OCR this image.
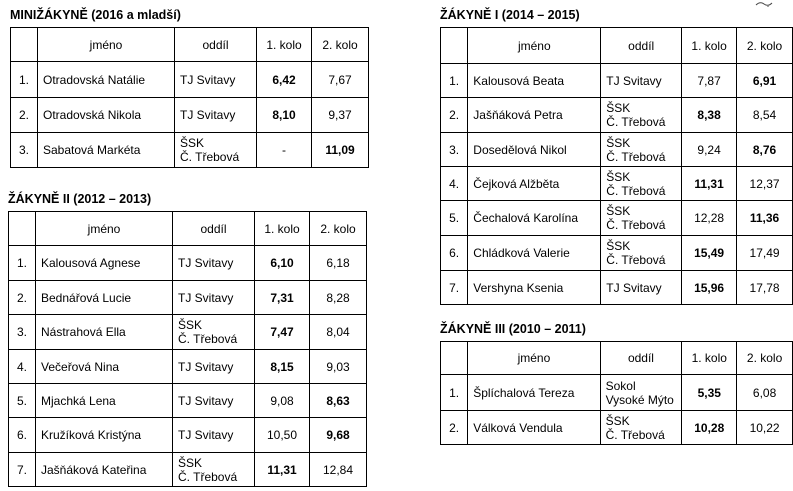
MINIŽÁKYNĚ (2016 a mladší)
	jméno	oddíl	1. kolo	2. kolo
1.	Otradovská Natálie	TJ Svitavy	6,42	7,67
2.	Otradovská Nikola	TJ Svitavy	8,10	9,37
3.	Sabatová Markéta	ŠSK
Č. Třebová	-	11,09
ŽÁKYNĚ II (2012 – 2013)
	jméno	oddíl	1. kolo	2. kolo
1.	Kalousová Agnese	TJ Svitavy	6,10	6,18
2.	Bednářová Lucie	TJ Svitavy	7,31	8,28
3.	Nástrahová Ella	ŠSK
Č. Třebová	7,47	8,04
4.	Večeřová Nina	TJ Svitavy	8,15	9,03
5.	Mjachká Lena	TJ Svitavy	9,08	8,63
6.	Kružíková Kristýna	TJ Svitavy	10,50	9,68
7.	Jašňáková Kateřina	ŠSK
Č. Třebová	11,31	12,84
ŽÁKYNĚ I (2014 – 2015)
	jméno	oddíl	1. kolo	2. kolo
1.	Kalousová Beata	TJ Svitavy	7,87	6,91
2.	Jašňáková Petra	ŠSK
Č. Třebová	8,38	8,54
3.	Dosedělová Nikol	ŠSK
Č. Třebová	9,24	8,76
4.	Čejková Alžběta	ŠSK
Č. Třebová	11,31	12,37
5.	Čechalová Karolína	ŠSK
Č. Třebová	12,28	11,36
6.	Chládková Valerie	ŠSK
Č. Třebová	15,49	17,49
7.	Vershyna Ksenia	TJ Svitavy	15,96	17,78
ŽÁKYNĚ III (2010 – 2011)
	jméno	oddíl	1. kolo	2. kolo
1.	Šplíchalová Tereza	Sokol
Vysoké Mýto	5,35	6,08
2.	Válková Vendula	ŠSK
Č. Třebová	10,28	10,22
